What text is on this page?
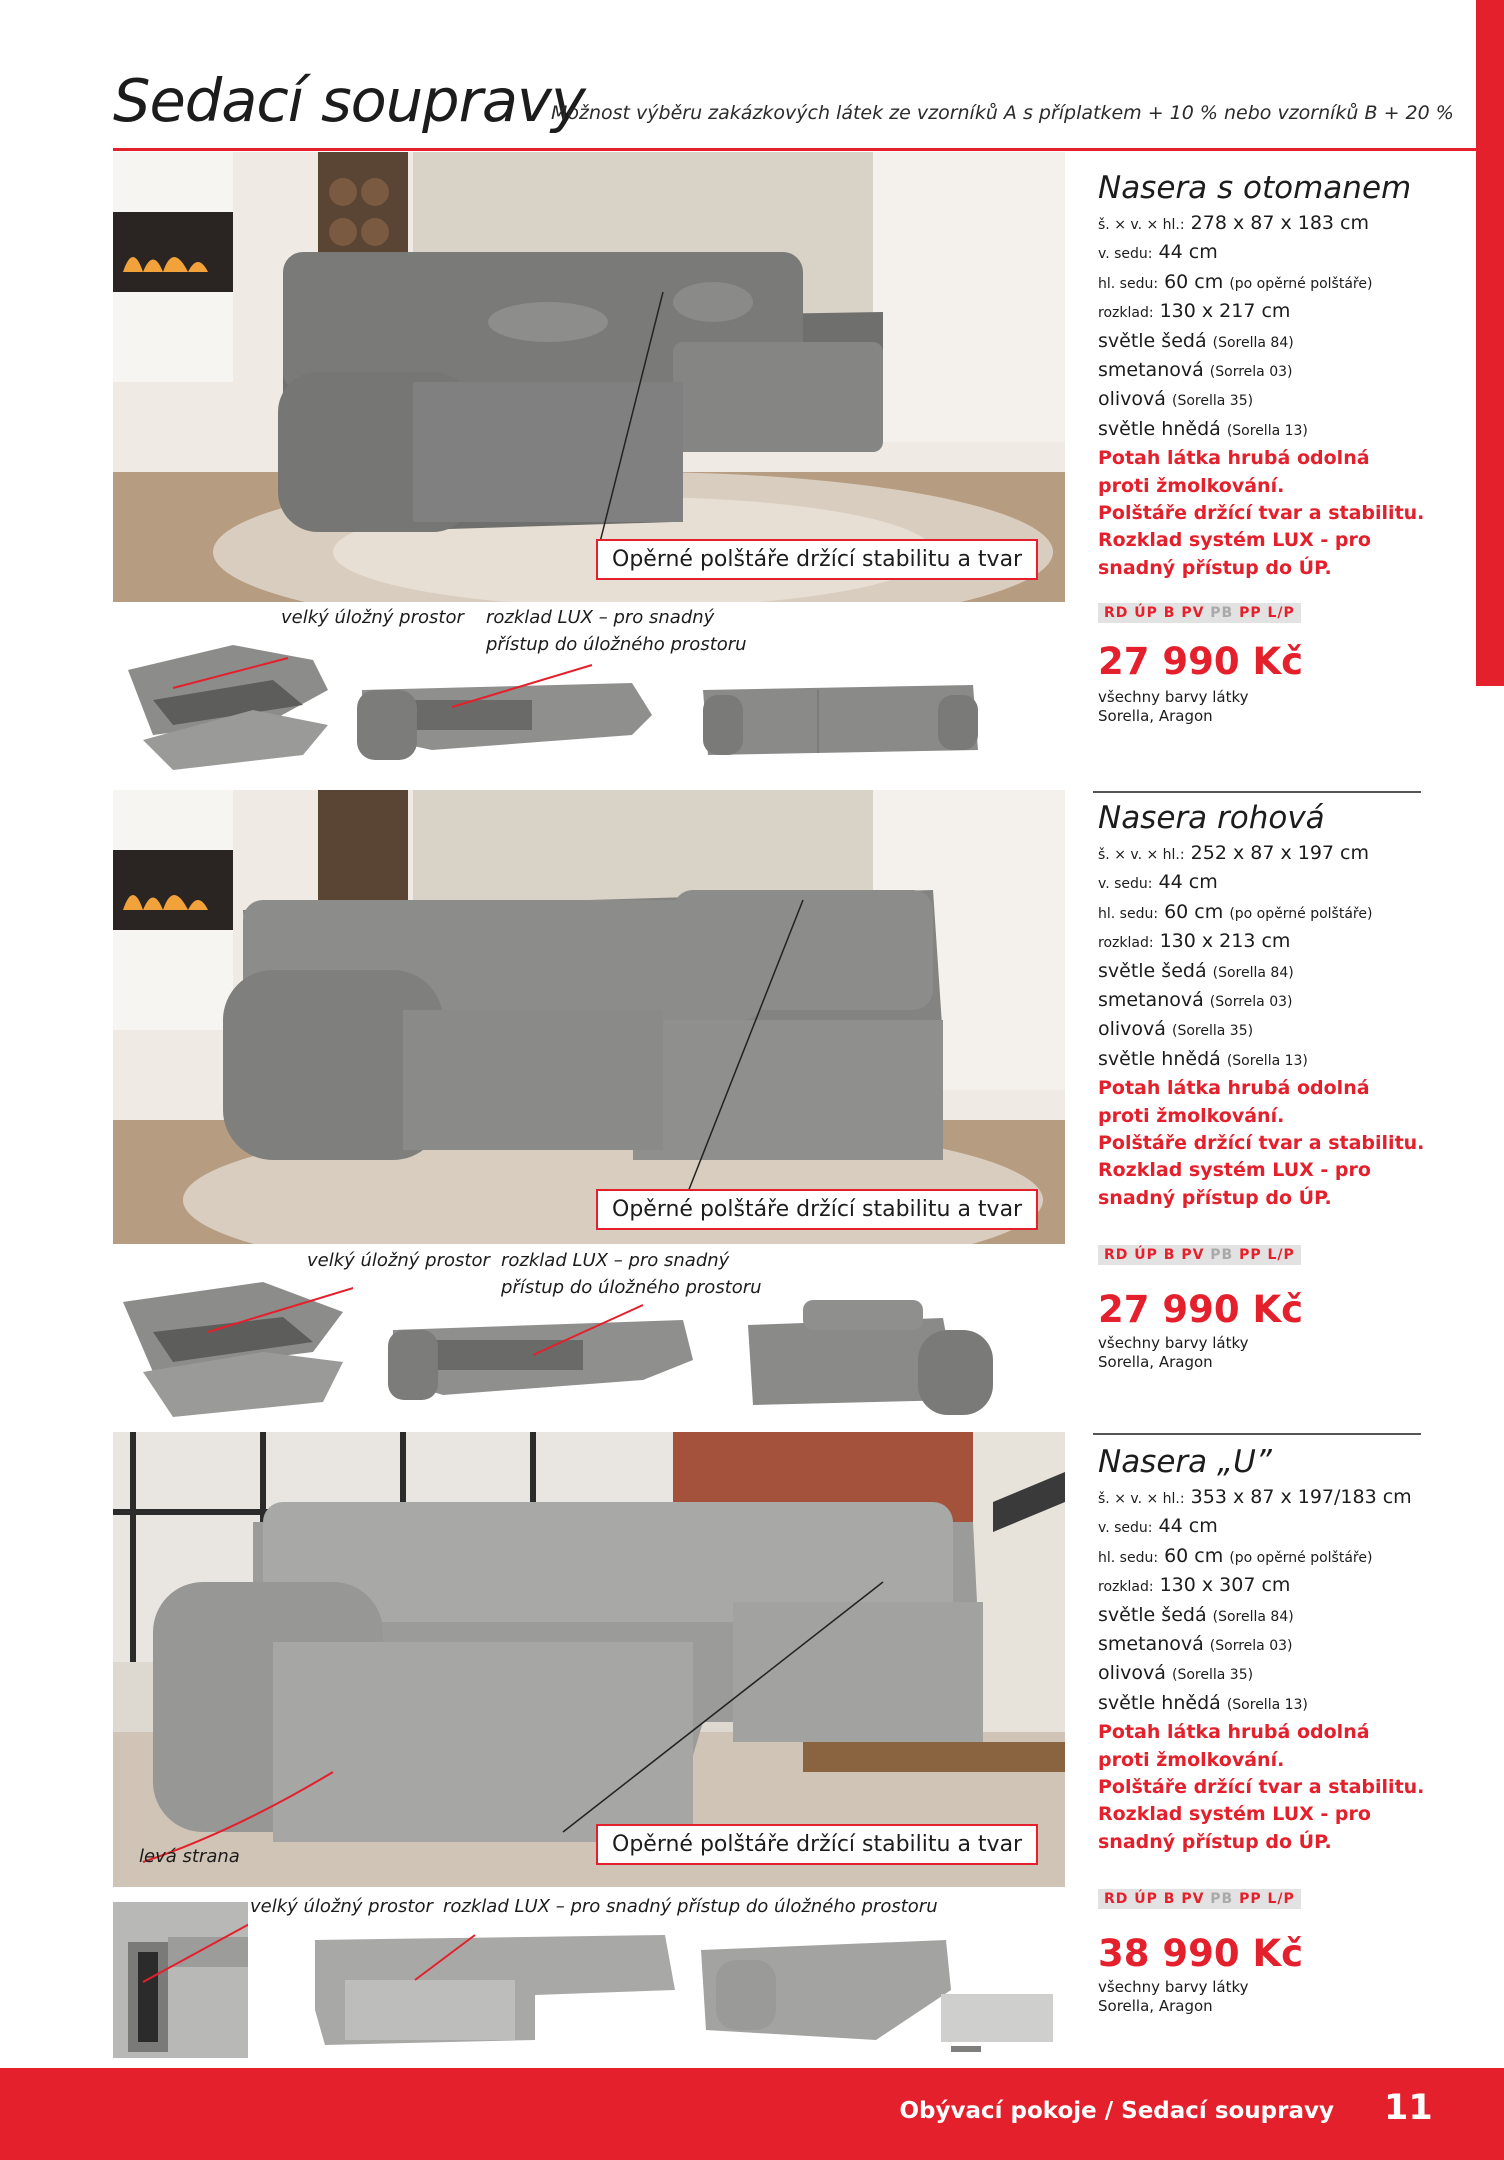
Sedací soupravy
Možnost výběru zakázkových látek ze vzorníků A s příplatkem + 10 % nebo vzorníků B + 20 %
Opěrné polštáře držící stabilitu a tvar
velký úložný prostor rozklad LUX – pro snadný
přístup do úložného prostoru
Nasera s otomanem
š. × v. × hl.: 278 x 87 x 183 cm
v. sedu: 44 cm
hl. sedu: 60 cm (po opěrné polštáře)
rozklad: 130 x 217 cm
světle šedá (Sorella 84)
smetanová (Sorrela 03)
olivová (Sorella 35)
světle hnědá (Sorella 13)
Potah látka hrubá odolná
proti žmolkování.
Polštáře držící tvar a stabilitu.
Rozklad systém LUX - pro
snadný přístup do ÚP.
RD ÚP B PV PB PP L/P
27 990 Kč
všechny barvy látky
Sorella, Aragon
Opěrné polštáře držící stabilitu a tvar
velký úložný prostor rozklad LUX – pro snadný
přístup do úložného prostoru
Nasera rohová
š. × v. × hl.: 252 x 87 x 197 cm
v. sedu: 44 cm
hl. sedu: 60 cm (po opěrné polštáře)
rozklad: 130 x 213 cm
světle šedá (Sorella 84)
smetanová (Sorrela 03)
olivová (Sorella 35)
světle hnědá (Sorella 13)
Potah látka hrubá odolná
proti žmolkování.
Polštáře držící tvar a stabilitu.
Rozklad systém LUX - pro
snadný přístup do ÚP.
RD ÚP B PV PB PP L/P
27 990 Kč
všechny barvy látky
Sorella, Aragon
Opěrné polštáře držící stabilitu a tvar
levá strana
velký úložný prostor rozklad LUX – pro snadný přístup do úložného prostoru
Nasera „U”
š. × v. × hl.: 353 x 87 x 197/183 cm
v. sedu: 44 cm
hl. sedu: 60 cm (po opěrné polštáře)
rozklad: 130 x 307 cm
světle šedá (Sorella 84)
smetanová (Sorrela 03)
olivová (Sorella 35)
světle hnědá (Sorella 13)
Potah látka hrubá odolná
proti žmolkování.
Polštáře držící tvar a stabilitu.
Rozklad systém LUX - pro
snadný přístup do ÚP.
RD ÚP B PV PB PP L/P
38 990 Kč
všechny barvy látky
Sorella, Aragon
Obývací pokoje / Sedací soupravy 11
